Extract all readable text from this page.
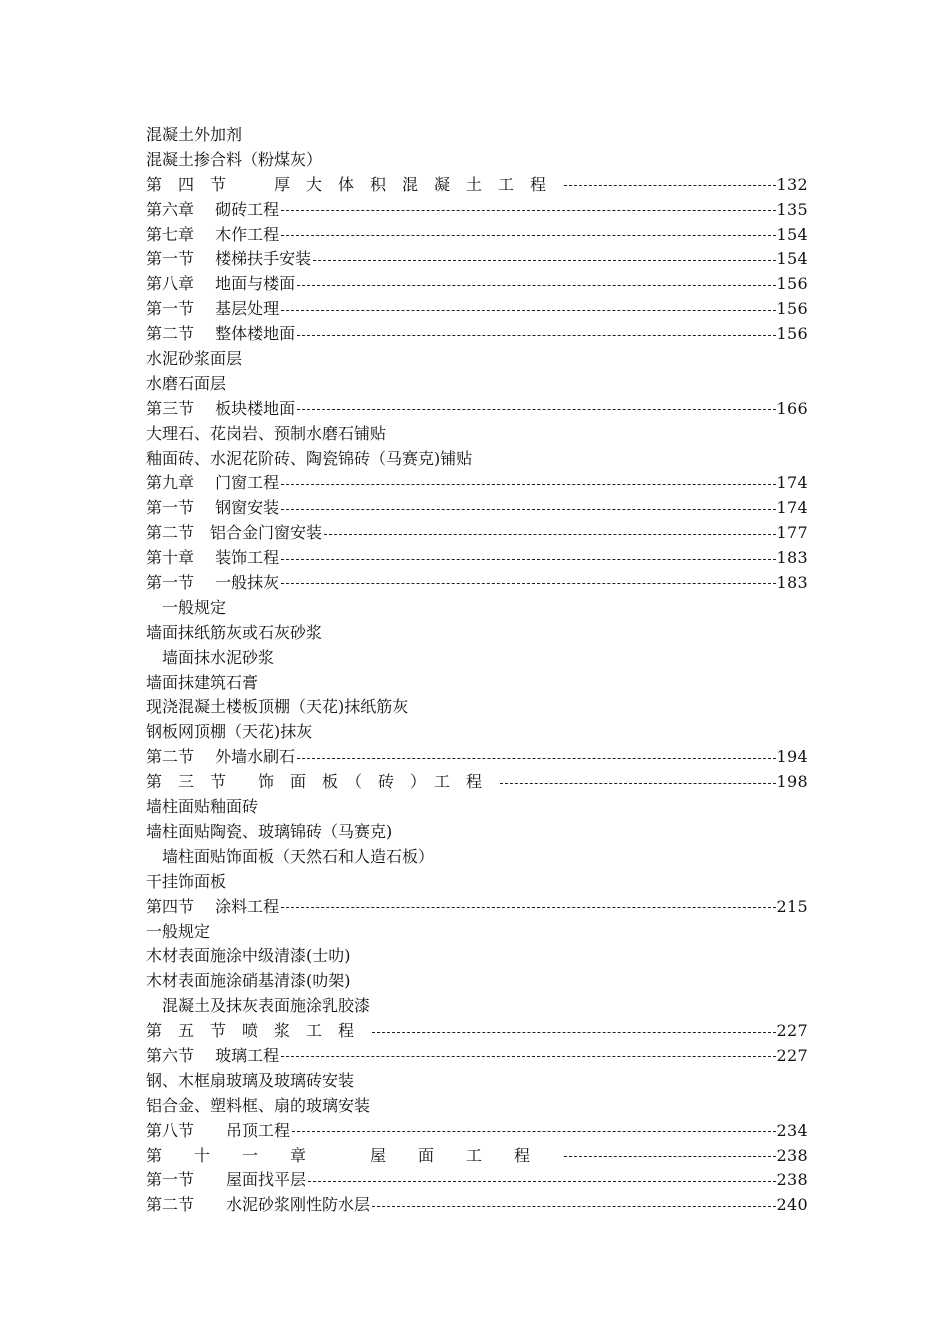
混凝土外加剂
混凝土掺合料（粉煤灰）
第　四　节　　　厚　大　体　积　混　凝　土　工　程　	132
第六章　 砌砖工程	135
第七章　 木作工程	154
第一节　 楼梯扶手安装	154
第八章　 地面与楼面	156
第一节　 基层处理	156
第二节　 整体楼地面	156
水泥砂浆面层
水磨石面层
第三节　 板块楼地面	166
大理石、花岗岩、预制水磨石铺贴
釉面砖、水泥花阶砖、陶瓷锦砖（马赛克)铺贴
第九章　 门窗工程	174
第一节　 钢窗安装	174
第二节　铝合金门窗安装	177
第十章　 装饰工程	183
第一节　 一般抹灰	183
　一般规定
墙面抹纸筋灰或石灰砂浆
　墙面抹水泥砂浆
墙面抹建筑石膏
现浇混凝土楼板顶棚（天花)抹纸筋灰
钢板网顶棚（天花)抹灰
第二节　 外墙水刷石	194
第　三　节　　饰　面　板　（　砖　）　工　程　	198
墙柱面贴釉面砖
墙柱面贴陶瓷、玻璃锦砖（马赛克)
　墙柱面贴饰面板（天然石和人造石板）
干挂饰面板
第四节　 涂料工程	215
一般规定
木材表面施涂中级清漆(士叻)
木材表面施涂硝基清漆(叻架)
　混凝土及抹灰表面施涂乳胶漆
第　五　节　喷　浆　工　程　	227
第六节　 玻璃工程	227
钢、木框扇玻璃及玻璃砖安装
铝合金、塑料框、扇的玻璃安装
第八节　　吊顶工程	234
第　　十　　一　　章　　　　屋　　面　　工　　程　　	238
第一节　　屋面找平层	238
第二节　　水泥砂浆刚性防水层	240
